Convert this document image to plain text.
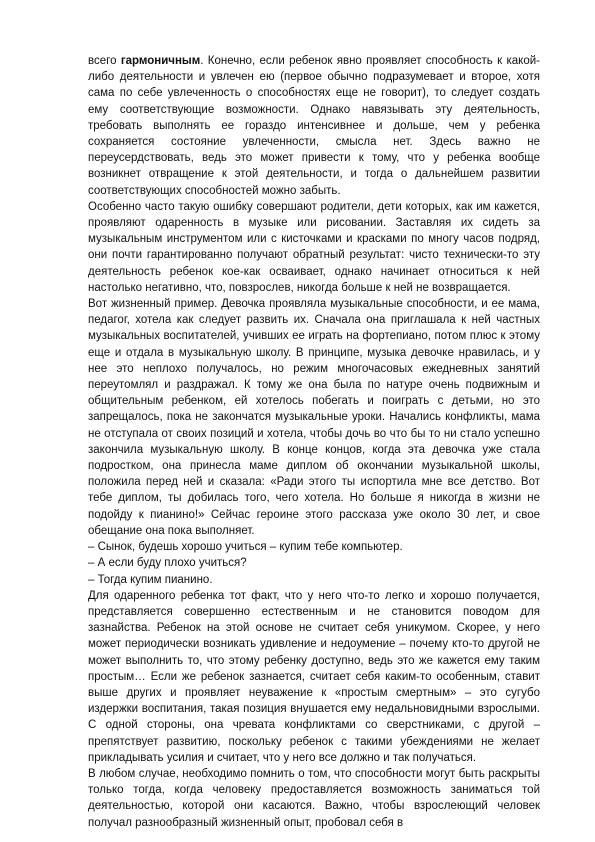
всего гармоничным. Конечно, если ребенок явно проявляет способность к какой-либо деятельности и увлечен ею (первое обычно подразумевает и второе, хотя сама по себе увлеченность о способностях еще не говорит), то следует создать ему соответствующие возможности. Однако навязывать эту деятельность, требовать выполнять ее гораздо интенсивнее и дольше, чем у ребенка сохраняется состояние увлеченности, смысла нет. Здесь важно не переусердствовать, ведь это может привести к тому, что у ребенка вообще возникнет отвращение к этой деятельности, и тогда о дальнейшем развитии соответствующих способностей можно забыть.

Особенно часто такую ошибку совершают родители, дети которых, как им кажется, проявляют одаренность в музыке или рисовании. Заставляя их сидеть за музыкальным инструментом или с кисточками и красками по многу часов подряд, они почти гарантированно получают обратный результат: чисто технически-то эту деятельность ребенок кое-как осваивает, однако начинает относиться к ней настолько негативно, что, повзрослев, никогда больше к ней не возвращается.

Вот жизненный пример. Девочка проявляла музыкальные способности, и ее мама, педагог, хотела как следует развить их. Сначала она приглашала к ней частных музыкальных воспитателей, учивших ее играть на фортепиано, потом плюс к этому еще и отдала в музыкальную школу. В принципе, музыка девочке нравилась, и у нее это неплохо получалось, но режим многочасовых ежедневных занятий переутомлял и раздражал. К тому же она была по натуре очень подвижным и общительным ребенком, ей хотелось побегать и поиграть с детьми, но это запрещалось, пока не закончатся музыкальные уроки. Начались конфликты, мама не отступала от своих позиций и хотела, чтобы дочь во что бы то ни стало успешно закончила музыкальную школу. В конце концов, когда эта девочка уже стала подростком, она принесла маме диплом об окончании музыкальной школы, положила перед ней и сказала: «Ради этого ты испортила мне все детство. Вот тебе диплом, ты добилась того, чего хотела. Но больше я никогда в жизни не подойду к пианино!» Сейчас героине этого рассказа уже около 30 лет, и свое обещание она пока выполняет.

– Сынок, будешь хорошо учиться – купим тебе компьютер.

– А если буду плохо учиться?

– Тогда купим пианино.

Для одаренного ребенка тот факт, что у него что-то легко и хорошо получается, представляется совершенно естественным и не становится поводом для зазнайства. Ребенок на этой основе не считает себя уникумом. Скорее, у него может периодически возникать удивление и недоумение – почему кто-то другой не может выполнить то, что этому ребенку доступно, ведь это же кажется ему таким простым… Если же ребенок зазнается, считает себя каким-то особенным, ставит выше других и проявляет неуважение к «простым смертным» – это сугубо издержки воспитания, такая позиция внушается ему недальновидными взрослыми. С одной стороны, она чревата конфликтами со сверстниками, с другой – препятствует развитию, поскольку ребенок с такими убеждениями не желает прикладывать усилия и считает, что у него все должно и так получаться.

В любом случае, необходимо помнить о том, что способности могут быть раскрыты только тогда, когда человеку предоставляется возможность заниматься той деятельностью, которой они касаются. Важно, чтобы взрослеющий человек получал разнообразный жизненный опыт, пробовал себя в
